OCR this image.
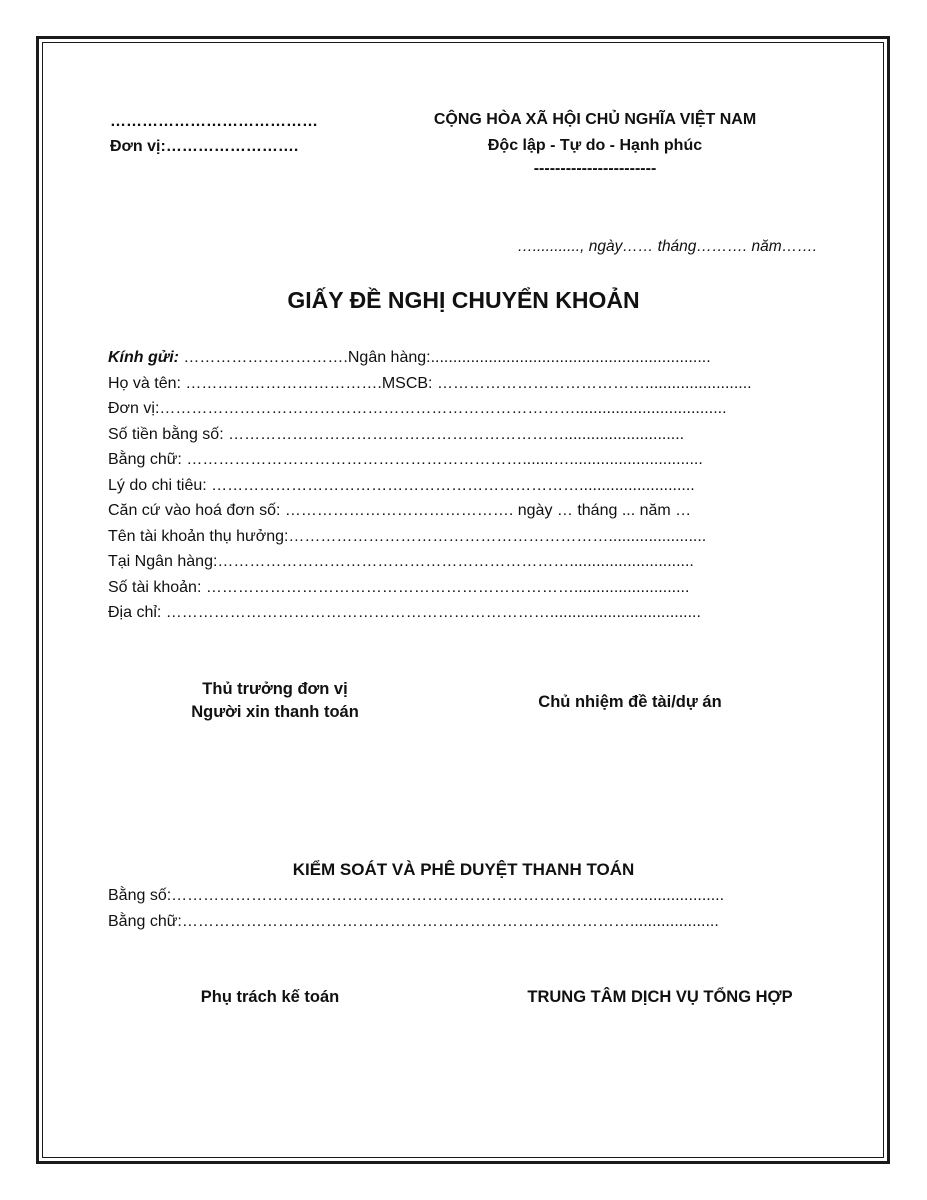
…………………………………
Đơn vị:…………………….
CỘNG HÒA XÃ HỘI CHỦ NGHĨA VIỆT NAM
Độc lập - Tự do - Hạnh phúc
-----------------------
…..........., ngày…… tháng………. năm…….
GIẤY ĐỀ NGHỊ CHUYỂN KHOẢN
Kính gửi: ………………………….Ngân hàng:...............................................................
Họ và tên: ……………………………….MSCB: …………………………………........................
Đơn vị:……………………………………………………………………..................................
Số tiền bằng số: ………………………………………………………...........................
Bằng chữ: ……………………………………………………….......…..............................
Lý do chi tiêu: ……………………………………………………………..........................
Căn cứ vào hoá đơn số: ……………………………………. ngày … tháng ... năm …
Tên tài khoản thụ hưởng:……………………………………………………......................
Tại Ngân hàng:…………………………………………………………............................
Số tài khoản: ……………………………………………………………..........................
Địa chỉ: ………………………………………………………………..................................
Thủ trưởng đơn vị
Người xin thanh toán
Chủ nhiệm đề tài/dự án
KIỂM SOÁT VÀ PHÊ DUYỆT THANH TOÁN
Bằng số:……………………………………………………………………………....................
Bằng chữ:…………………………………………………………………………....................
Phụ trách kế toán	TRUNG TÂM DỊCH VỤ TỔNG HỢP
